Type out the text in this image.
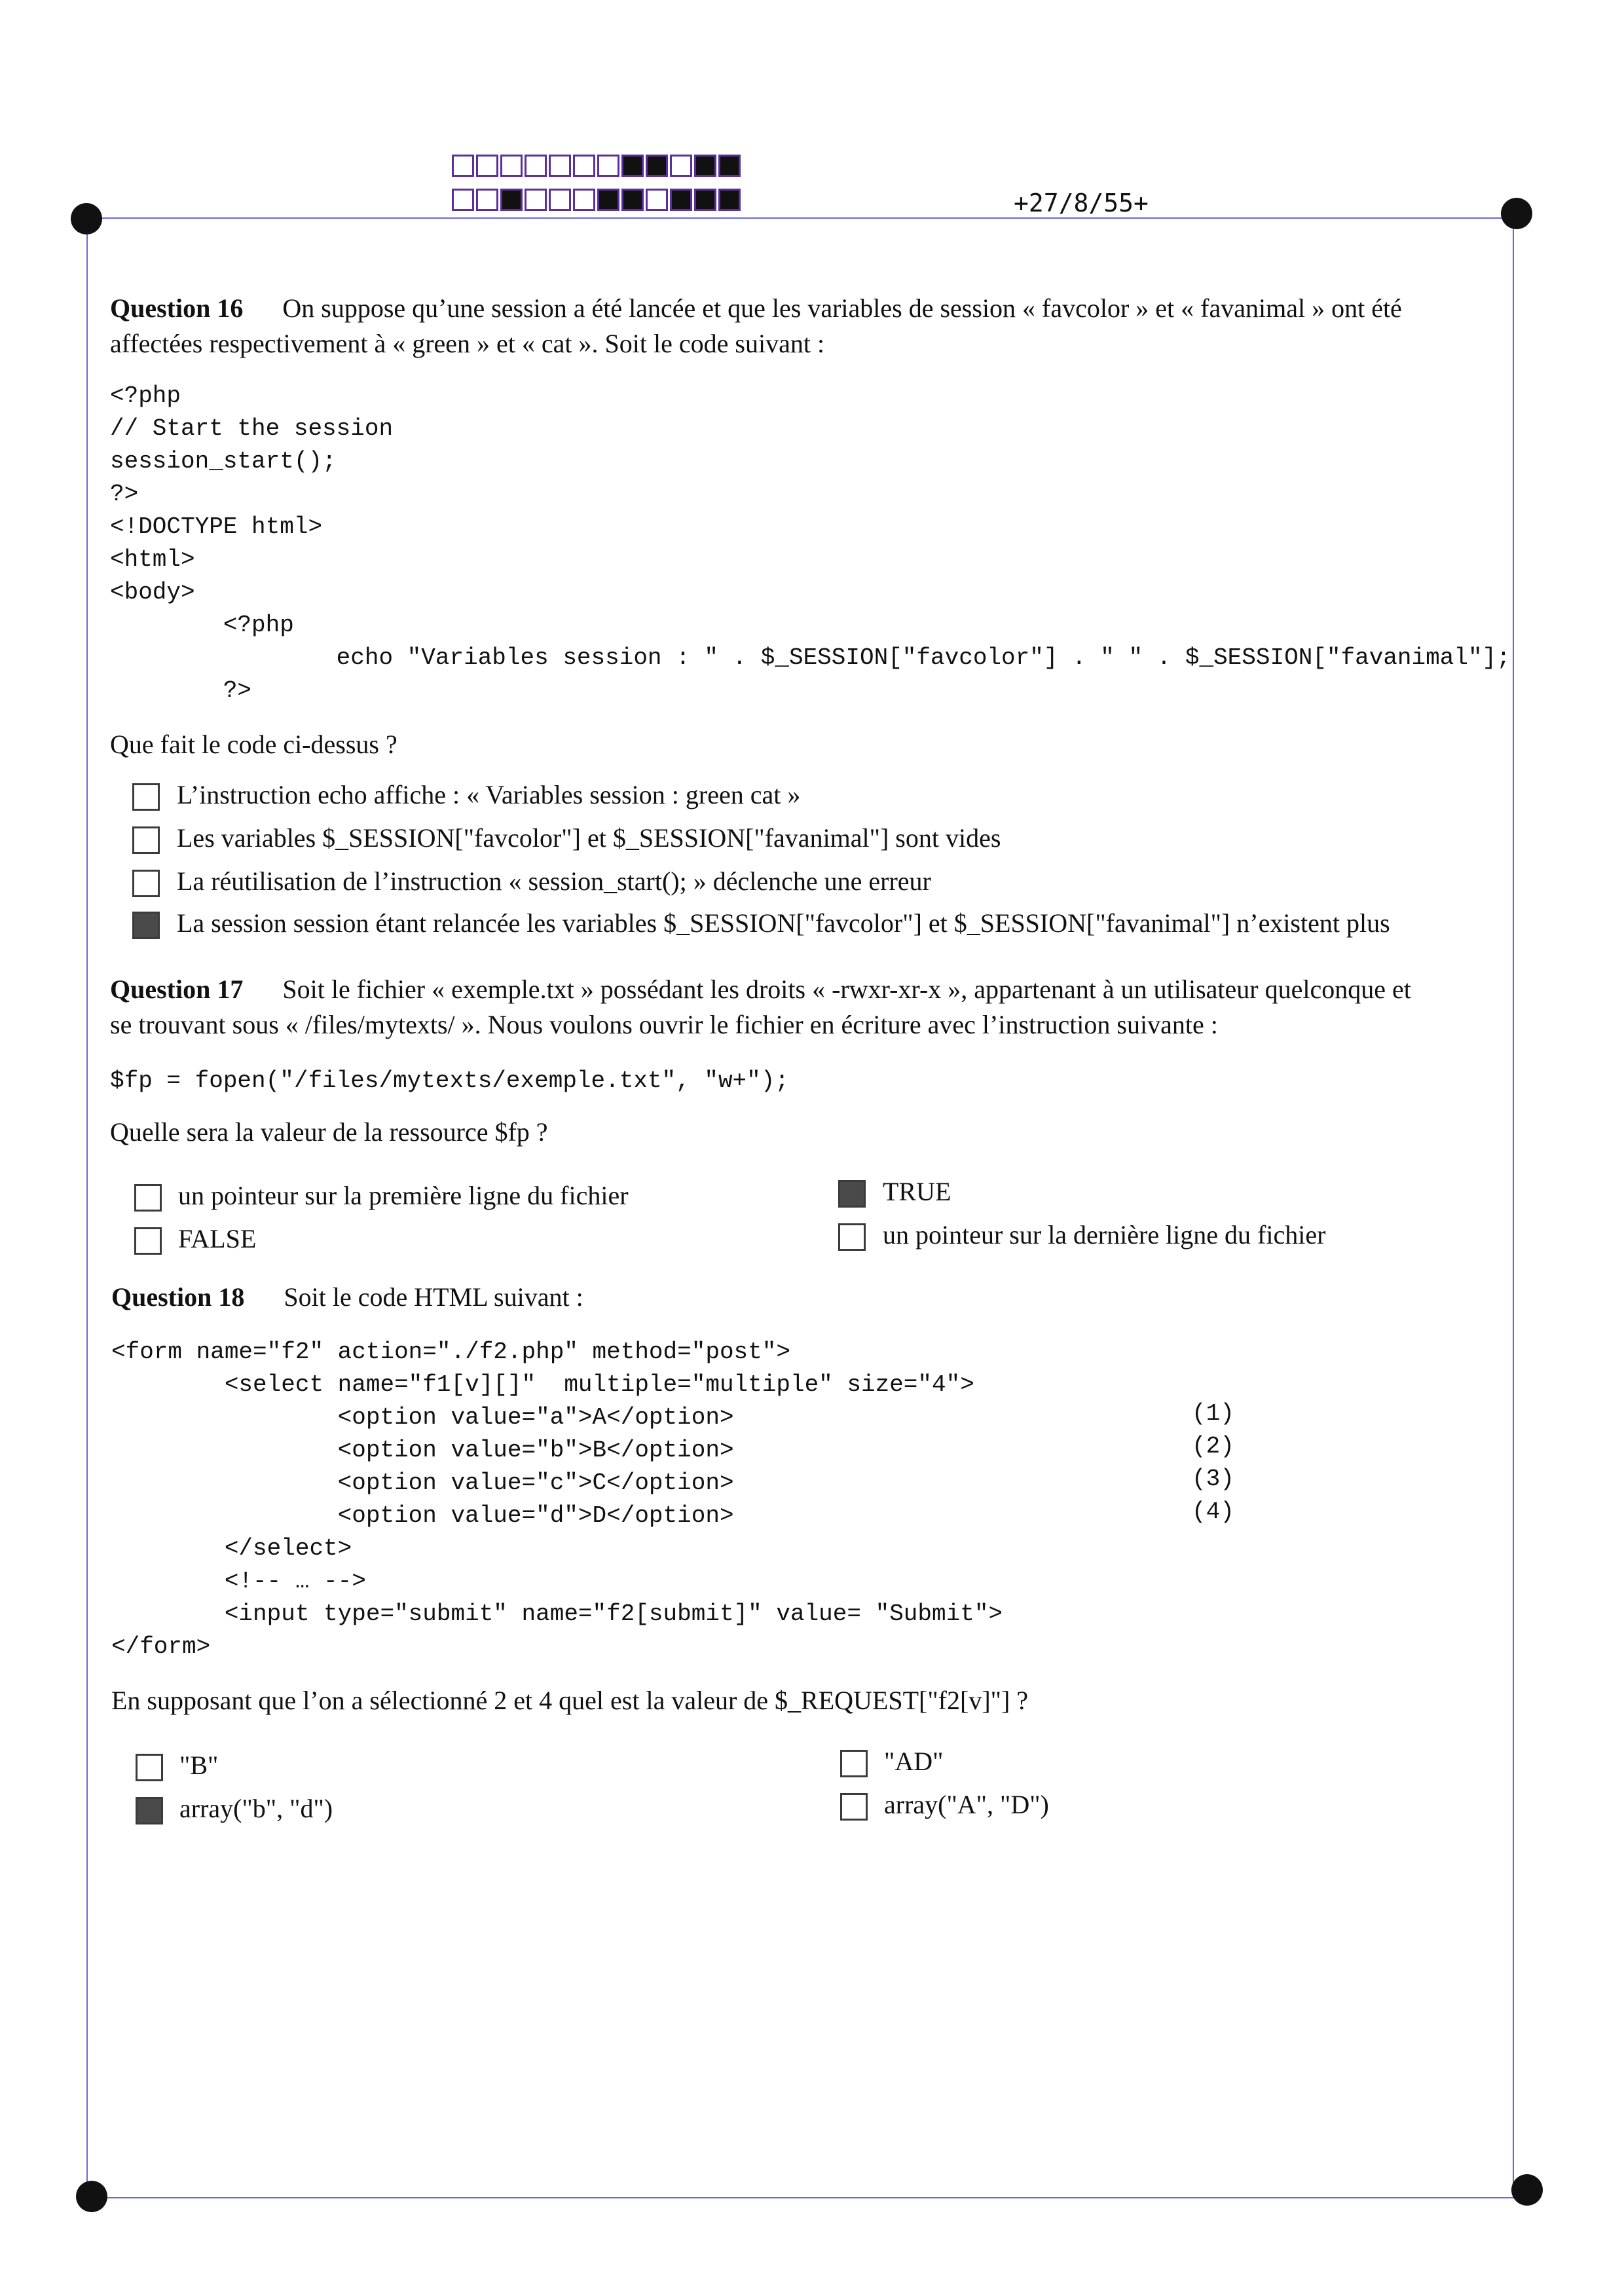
+27/8/55+
Question 16 On suppose qu’une session a été lancée et que les variables de session « favcolor » et « favanimal » ont été
affectées respectivement à « green » et « cat ». Soit le code suivant :
<?php
// Start the session
session_start();
?>
<!DOCTYPE html>
<html>
<body>
<?php
echo "Variables session : " . $_SESSION["favcolor"] . " " . $_SESSION["favanimal"];
?>
Que fait le code ci-dessus ?
L’instruction echo affiche : « Variables session : green cat »
Les variables $_SESSION["favcolor"] et $_SESSION["favanimal"] sont vides
La réutilisation de l’instruction « session_start(); » déclenche une erreur
La session session étant relancée les variables $_SESSION["favcolor"] et $_SESSION["favanimal"] n’existent plus
Question 17 Soit le fichier « exemple.txt » possédant les droits « -rwxr-xr-x », appartenant à un utilisateur quelconque et
se trouvant sous « /files/mytexts/ ». Nous voulons ouvrir le fichier en écriture avec l’instruction suivante :
$fp = fopen("/files/mytexts/exemple.txt", "w+");
Quelle sera la valeur de la ressource $fp ?
un pointeur sur la première ligne du fichier	TRUE
FALSE	un pointeur sur la dernière ligne du fichier
Question 18 Soit le code HTML suivant :
<form name="f2" action="./f2.php" method="post">
<select name="f1[v][]"  multiple="multiple" size="4">
<option value="a">A</option>
<option value="b">B</option>
<option value="c">C</option>
<option value="d">D</option>
</select>
<!-- … -->
<input type="submit" name="f2[submit]" value= "Submit">
</form>
(1)
(2)
(3)
(4)
En supposant que l’on a sélectionné 2 et 4 quel est la valeur de $_REQUEST["f2[v]"] ?
"B"	"AD"
array("b", "d")	array("A", "D")
